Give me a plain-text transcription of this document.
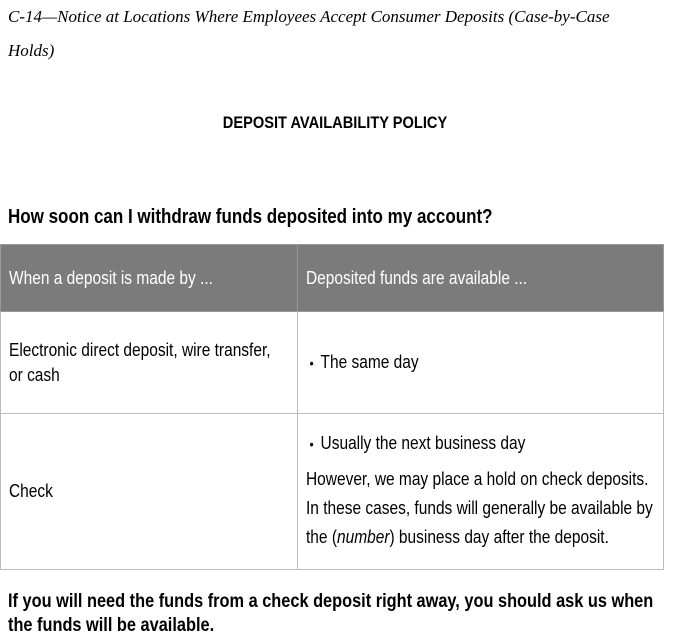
C-14—Notice at Locations Where Employees Accept Consumer Deposits (Case-by-Case
Holds)
DEPOSIT AVAILABILITY POLICY
How soon can I withdraw funds deposited into my account?
When a deposit is made by ...	Deposited funds are available ...

Electronic direct deposit, wire transfer, or cash	• The same day

Check	• Usually the next business day
However, we may place a hold on check deposits. In these cases, funds will generally be available by the (number) business day after the deposit.
If you will need the funds from a check deposit right away, you should ask us when the funds will be available.
